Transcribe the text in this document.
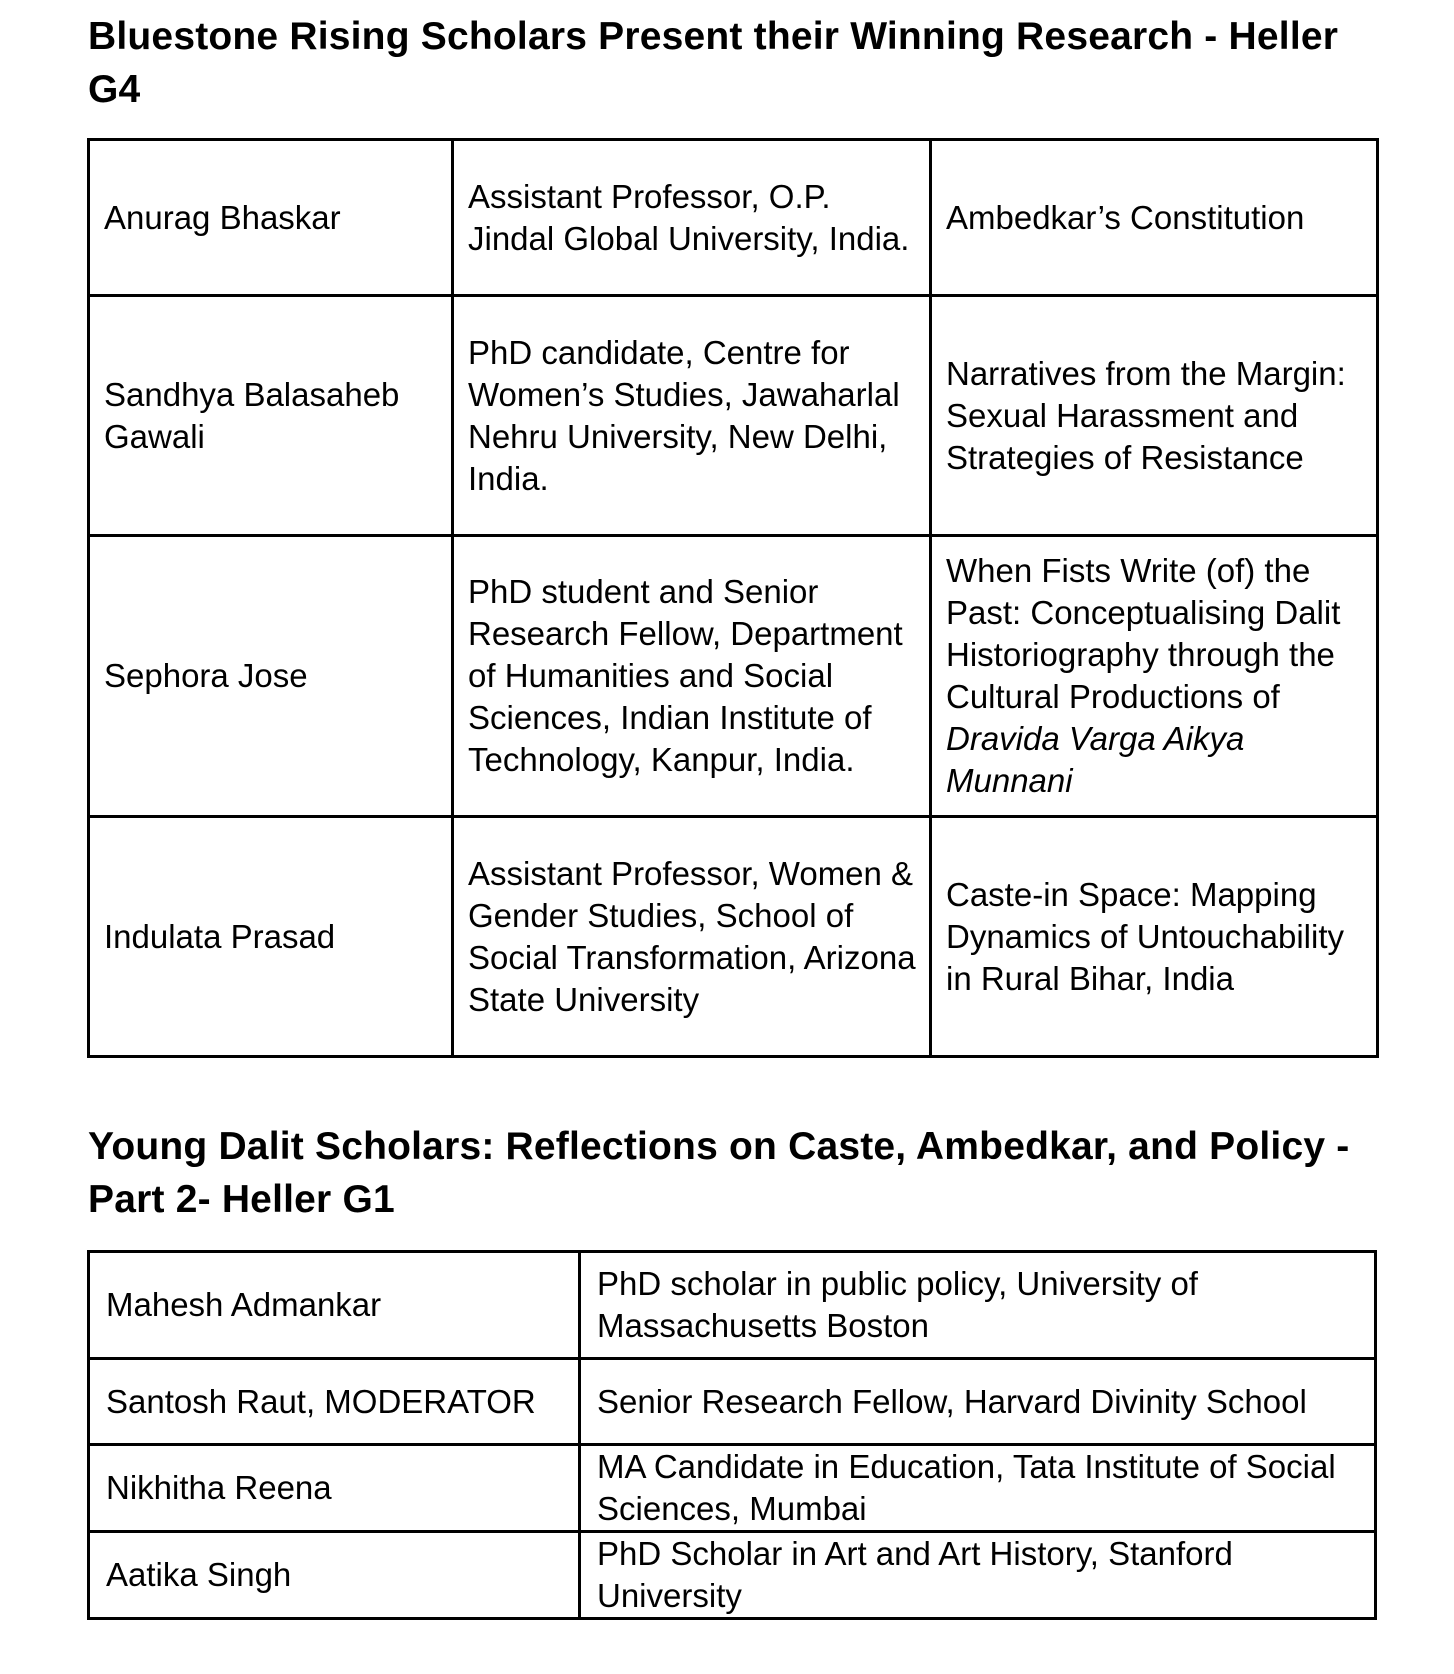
Bluestone Rising Scholars Present their Winning Research - Heller G4
Anurag Bhaskar	Assistant Professor, O.P. Jindal Global University, India.	Ambedkar’s Constitution
Sandhya Balasaheb Gawali	PhD candidate, Centre for Women’s Studies, Jawaharlal Nehru University, New Delhi, India.	Narratives from the Margin: Sexual Harassment and Strategies of Resistance
Sephora Jose	PhD student and Senior Research Fellow, Department of Humanities and Social Sciences, Indian Institute of Technology, Kanpur, India.	When Fists Write (of) the Past: Conceptualising Dalit Historiography through the Cultural Productions of Dravida Varga Aikya Munnani
Indulata Prasad	Assistant Professor, Women & Gender Studies, School of Social Transformation, Arizona State University	Caste-in Space: Mapping Dynamics of Untouchability in Rural Bihar, India
Young Dalit Scholars: Reflections on Caste, Ambedkar, and Policy - Part 2- Heller G1
Mahesh Admankar	PhD scholar in public policy, University of Massachusetts Boston
Santosh Raut, MODERATOR	Senior Research Fellow, Harvard Divinity School
Nikhitha Reena	MA Candidate in Education, Tata Institute of Social Sciences, Mumbai
Aatika Singh	PhD Scholar in Art and Art History, Stanford University
